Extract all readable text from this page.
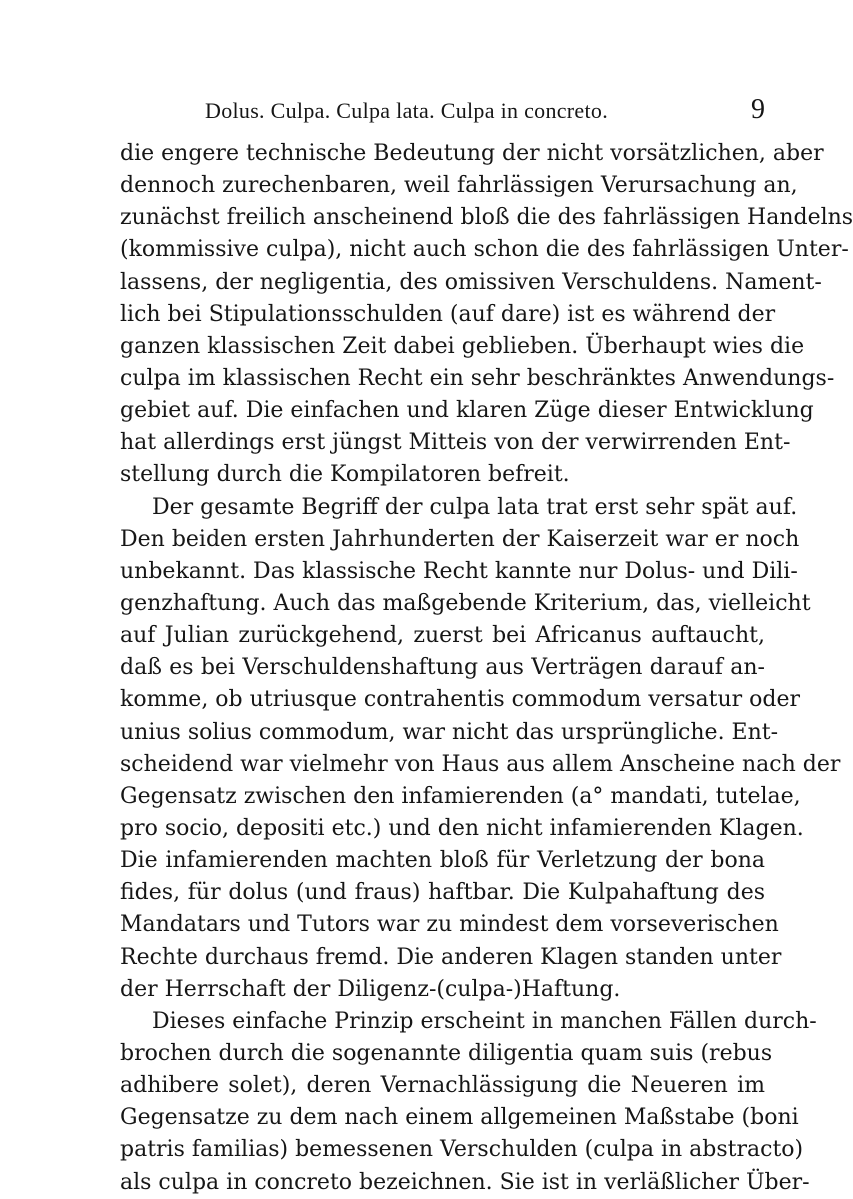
Dolus. Culpa. Culpa lata. Culpa in concreto.	9
die engere technische Bedeutung der nicht vorsätzlichen, aber
dennoch zurechenbaren, weil fahrlässigen Verursachung an,
zunächst freilich anscheinend bloß die des fahrlässigen Handelns
(kommissive culpa), nicht auch schon die des fahrlässigen Unter-
lassens, der negligentia, des omissiven Verschuldens. Nament-
lich bei Stipulationsschulden (auf dare) ist es während der
ganzen klassischen Zeit dabei geblieben. Überhaupt wies die
culpa im klassischen Recht ein sehr beschränktes Anwendungs-
gebiet auf. Die einfachen und klaren Züge dieser Entwicklung
hat allerdings erst jüngst Mitteis von der verwirrenden Ent-
stellung durch die Kompilatoren befreit.
Der gesamte Begriff der culpa lata trat erst sehr spät auf.
Den beiden ersten Jahrhunderten der Kaiserzeit war er noch
unbekannt. Das klassische Recht kannte nur Dolus- und Dili-
genzhaftung. Auch das maßgebende Kriterium, das, vielleicht
auf Julian zurückgehend, zuerst bei Africanus auftaucht,
daß es bei Verschuldenshaftung aus Verträgen darauf an-
komme, ob utriusque contrahentis commodum versatur oder
unius solius commodum, war nicht das ursprüngliche. Ent-
scheidend war vielmehr von Haus aus allem Anscheine nach der
Gegensatz zwischen den infamierenden (a° mandati, tutelae,
pro socio, depositi etc.) und den nicht infamierenden Klagen.
Die infamierenden machten bloß für Verletzung der bona
fides, für dolus (und fraus) haftbar. Die Kulpahaftung des
Mandatars und Tutors war zu mindest dem vorseverischen
Rechte durchaus fremd. Die anderen Klagen standen unter
der Herrschaft der Diligenz-(culpa-)Haftung.
Dieses einfache Prinzip erscheint in manchen Fällen durch-
brochen durch die sogenannte diligentia quam suis (rebus
adhibere solet), deren Vernachlässigung die Neueren im
Gegensatze zu dem nach einem allgemeinen Maßstabe (boni
patris familias) bemessenen Verschulden (culpa in abstracto)
als culpa in concreto bezeichnen. Sie ist in verläßlicher Über-
